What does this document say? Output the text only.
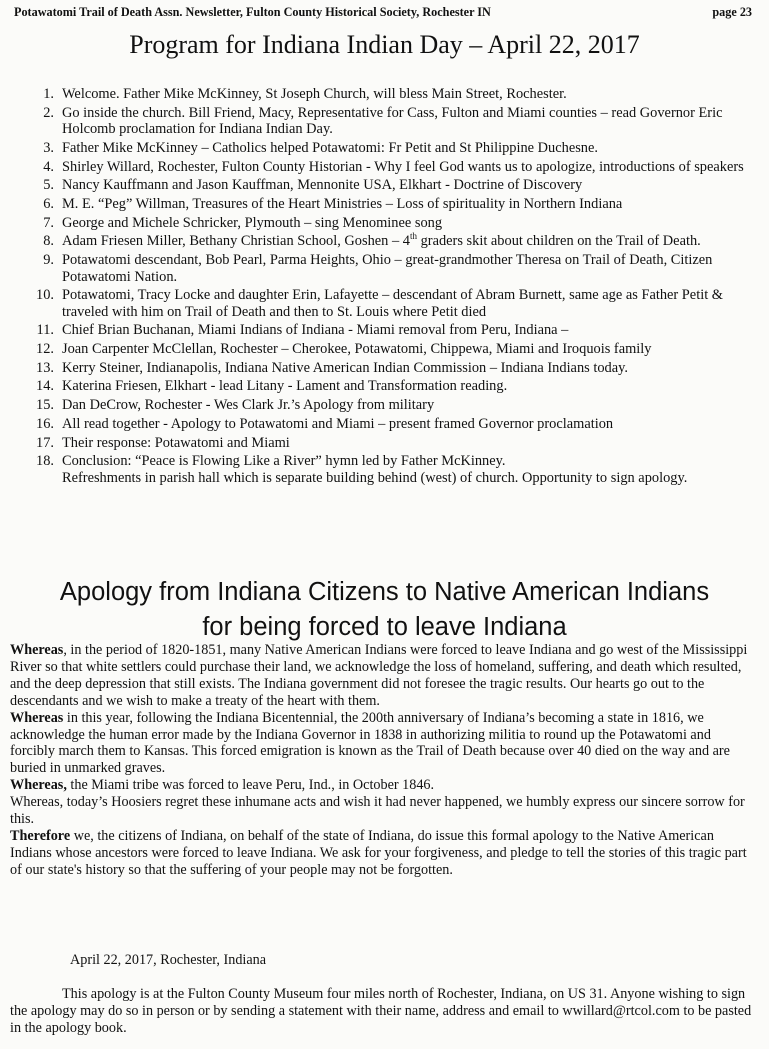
Potawatomi Trail of Death Assn. Newsletter, Fulton County Historical Society, Rochester IN	page 23
Program for Indiana Indian Day – April 22, 2017
1. Welcome. Father Mike McKinney, St Joseph Church, will bless Main Street, Rochester.
2. Go inside the church. Bill Friend, Macy, Representative for Cass, Fulton and Miami counties – read Governor Eric Holcomb proclamation for Indiana Indian Day.
3. Father Mike McKinney – Catholics helped Potawatomi: Fr Petit and St Philippine Duchesne.
4. Shirley Willard, Rochester, Fulton County Historian - Why I feel God wants us to apologize, introductions of speakers
5. Nancy Kauffmann and Jason Kauffman, Mennonite USA, Elkhart - Doctrine of Discovery
6. M. E. “Peg” Willman, Treasures of the Heart Ministries – Loss of spirituality in Northern Indiana
7. George and Michele Schricker, Plymouth – sing Menominee song
8. Adam Friesen Miller, Bethany Christian School, Goshen – 4th graders skit about children on the Trail of Death.
9. Potawatomi descendant, Bob Pearl, Parma Heights, Ohio – great-grandmother Theresa on Trail of Death, Citizen Potawatomi Nation.
10. Potawatomi, Tracy Locke and daughter Erin, Lafayette – descendant of Abram Burnett, same age as Father Petit & traveled with him on Trail of Death and then to St. Louis where Petit died
11. Chief Brian Buchanan, Miami Indians of Indiana - Miami removal from Peru, Indiana –
12. Joan Carpenter McClellan, Rochester – Cherokee, Potawatomi, Chippewa, Miami and Iroquois family
13. Kerry Steiner, Indianapolis, Indiana Native American Indian Commission – Indiana Indians today.
14. Katerina Friesen, Elkhart - lead Litany - Lament and Transformation reading.
15. Dan DeCrow, Rochester - Wes Clark Jr.’s Apology from military
16. All read together - Apology to Potawatomi and Miami – present framed Governor proclamation
17. Their response: Potawatomi and Miami
18. Conclusion: “Peace is Flowing Like a River” hymn led by Father McKinney.
Refreshments in parish hall which is separate building behind (west) of church. Opportunity to sign apology.
Apology from Indiana Citizens to Native American Indians
for being forced to leave Indiana

Whereas, in the period of 1820-1851, many Native American Indians were forced to leave Indiana and go west of the Mississippi River so that white settlers could purchase their land, we acknowledge the loss of homeland, suffering, and death which resulted, and the deep depression that still exists. The Indiana government did not foresee the tragic results. Our hearts go out to the descendants and we wish to make a treaty of the heart with them.

Whereas in this year, following the Indiana Bicentennial, the 200th anniversary of Indiana’s becoming a state in 1816, we acknowledge the human error made by the Indiana Governor in 1838 in authorizing militia to round up the Potawatomi and forcibly march them to Kansas. This forced emigration is known as the Trail of Death because over 40 died on the way and are buried in unmarked graves.

Whereas, the Miami tribe was forced to leave Peru, Ind., in October 1846.

Whereas, today’s Hoosiers regret these inhumane acts and wish it had never happened, we humbly express our sincere sorrow for this.

Therefore we, the citizens of Indiana, on behalf of the state of Indiana, do issue this formal apology to the Native American Indians whose ancestors were forced to leave Indiana. We ask for your forgiveness, and pledge to tell the stories of this tragic part of our state's history so that the suffering of your people may not be forgotten.

April 22, 2017, Rochester, Indiana
This apology is at the Fulton County Museum four miles north of Rochester, Indiana, on US 31. Anyone wishing to sign the apology may do so in person or by sending a statement with their name, address and email to wwillard@rtcol.com to be pasted in the apology book.
